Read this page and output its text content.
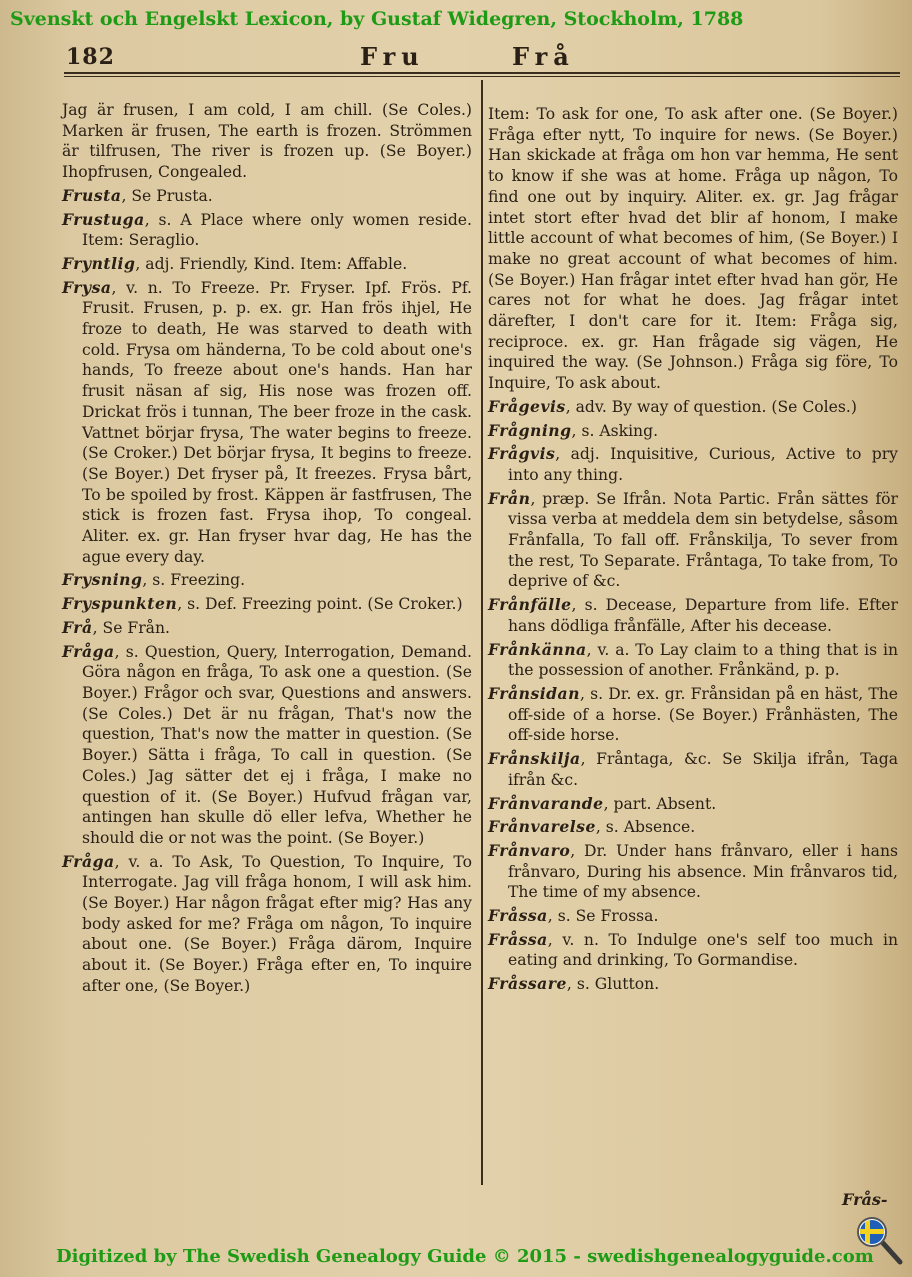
Svenskt och Engelskt Lexicon, by Gustaf Widegren, Stockholm, 1788
182	Fru	Frå

Jag är frusen, I am cold, I am chill. (Se Coles.) Marken är frusen, The earth is frozen. Strömmen är tilfrusen, The river is frozen up. (Se Boyer.) Ihopfrusen, Congealed.

Frusta, Se Prusta.

Frustuga, s. A Place where only women reside. Item: Seraglio.

Fryntlig, adj. Friendly, Kind. Item: Affable.

Frysa, v. n. To Freeze. Pr. Fryser. Ipf. Frös. Pf. Frusit. Frusen, p. p. ex. gr. Han frös ihjel, He froze to death, He was starved to death with cold. Frysa om händerna, To be cold about one's hands, To freeze about one's hands. Han har frusit näsan af sig, His nose was frozen off. Drickat frös i tunnan, The beer froze in the cask. Vattnet börjar frysa, The water begins to freeze. (Se Croker.) Det börjar frysa, It begins to freeze. (Se Boyer.) Det fryser på, It freezes. Frysa bårt, To be spoiled by frost. Käppen är fastfrusen, The stick is frozen fast. Frysa ihop, To congeal. Aliter. ex. gr. Han fryser hvar dag, He has the ague every day.

Frysning, s. Freezing.

Fryspunkten, s. Def. Freezing point. (Se Croker.)

Frå, Se Från.

Fråga, s. Question, Query, Interrogation, Demand. Göra någon en fråga, To ask one a question. (Se Boyer.) Frågor och svar, Questions and answers. (Se Coles.) Det är nu frågan, That's now the question, That's now the matter in question. (Se Boyer.) Sätta i fråga, To call in question. (Se Coles.) Jag sätter det ej i fråga, I make no question of it. (Se Boyer.) Hufvud frågan var, antingen han skulle dö eller lefva, Whether he should die or not was the point. (Se Boyer.)

Fråga, v. a. To Ask, To Question, To Inquire, To Interrogate. Jag vill fråga honom, I will ask him. (Se Boyer.) Har någon frågat efter mig? Has any body asked for me? Fråga om någon, To inquire about one. (Se Boyer.) Fråga därom, Inquire about it. (Se Boyer.) Fråga efter en, To inquire after one, (Se Boyer.)

Item: To ask for one, To ask after one. (Se Boyer.) Fråga efter nytt, To inquire for news. (Se Boyer.) Han skickade at fråga om hon var hemma, He sent to know if she was at home. Fråga up någon, To find one out by inquiry. Aliter. ex. gr. Jag frågar intet stort efter hvad det blir af honom, I make little account of what becomes of him, (Se Boyer.) I make no great account of what becomes of him. (Se Boyer.) Han frågar intet efter hvad han gör, He cares not for what he does. Jag frågar intet därefter, I don't care for it. Item: Fråga sig, reciproce. ex. gr. Han frågade sig vägen, He inquired the way. (Se Johnson.) Fråga sig före, To Inquire, To ask about.

Frågevis, adv. By way of question. (Se Coles.)

Frågning, s. Asking.

Frågvis, adj. Inquisitive, Curious, Active to pry into any thing.

Från, præp. Se Ifrån. Nota Partic. Från sättes för vissa verba at meddela dem sin betydelse, såsom Frånfalla, To fall off. Frånskilja, To sever from the rest, To Separate. Fråntaga, To take from, To deprive of &c.

Frånfälle, s. Decease, Departure from life. Efter hans dödliga frånfälle, After his decease.

Frånkänna, v. a. To Lay claim to a thing that is in the possession of another. Frånkänd, p. p.

Frånsidan, s. Dr. ex. gr. Frånsidan på en häst, The off-side of a horse. (Se Boyer.) Frånhästen, The off-side horse.

Frånskilja, Fråntaga, &c. Se Skilja ifrån, Taga ifrån &c.

Frånvarande, part. Absent.

Frånvarelse, s. Absence.

Frånvaro, Dr. Under hans frånvaro, eller i hans frånvaro, During his absence. Min frånvaros tid, The time of my absence.

Fråssa, s. Se Frossa.

Fråssa, v. n. To Indulge one's self too much in eating and drinking, To Gormandise.

Fråssare, s. Glutton.

Frås-
Digitized by The Swedish Genealogy Guide © 2015 - swedishgenealogyguide.com
